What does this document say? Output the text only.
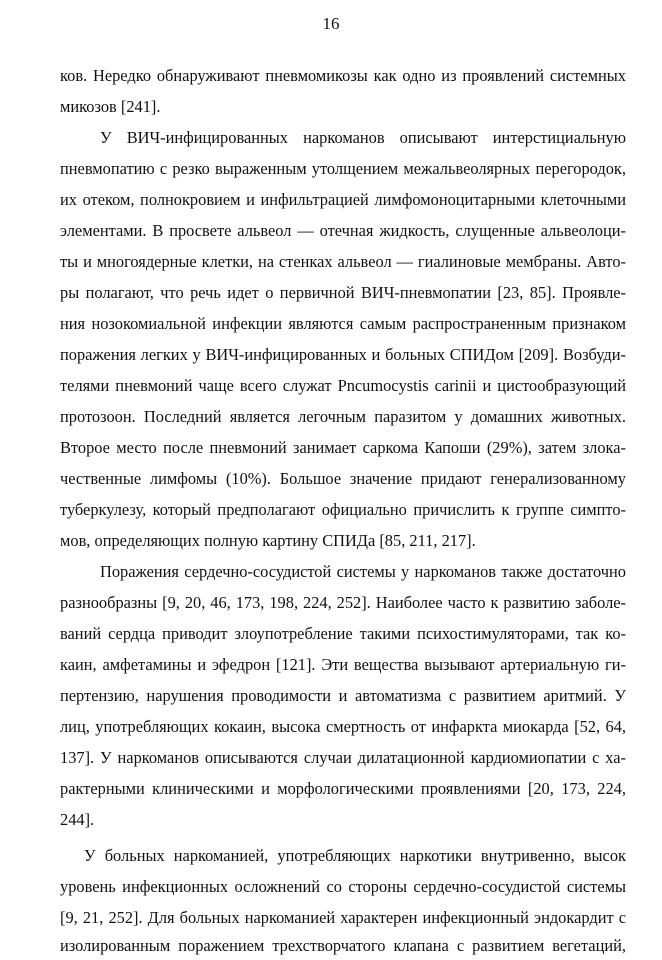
16
ков. Нередко обнаруживают пневмомикозы как одно из проявлений системных
микозов [241].
У ВИЧ-инфицированных наркоманов описывают интерстициальную
пневмопатию с резко выраженным утолщением межальвеолярных перегородок,
их отеком, полнокровием и инфильтрацией лимфомоноцитарными клеточными
элементами. В просвете альвеол — отечная жидкость, слущенные альвеолоци-
ты и многоядерные клетки, на стенках альвеол — гиалиновые мембраны. Авто-
ры полагают, что речь идет о первичной ВИЧ-пневмопатии [23, 85]. Проявле-
ния нозокомиальной инфекции являются самым распространенным признаком
поражения легких у ВИЧ-инфицированных и больных СПИДом [209]. Возбуди-
телями пневмоний чаще всего служат Pncumocystis carinii и цистообразующий
протозоон. Последний является легочным паразитом у домашних животных.
Второе место после пневмоний занимает саркома Капоши (29%), затем злока-
чественные лимфомы (10%). Большое значение придают генерализованному
туберкулезу, который предполагают официально причислить к группе симпто-
мов, определяющих полную картину СПИДа [85, 211, 217].
Поражения сердечно-сосудистой системы у наркоманов также достаточно
разнообразны [9, 20, 46, 173, 198, 224, 252]. Наиболее часто к развитию заболе-
ваний сердца приводит злоупотребление такими психостимуляторами, так ко-
каин, амфетамины и эфедрон [121]. Эти вещества вызывают артериальную ги-
пертензию, нарушения проводимости и автоматизма с развитием аритмий. У
лиц, употребляющих кокаин, высока смертность от инфаркта миокарда [52, 64,
137]. У наркоманов описываются случаи дилатационной кардиомиопатии с ха-
рактерными клиническими и морфологическими проявлениями [20, 173, 224,
244].
У больных наркоманией, употребляющих наркотики внутривенно, высок
уровень инфекционных осложнений со стороны сердечно-сосудистой системы
[9, 21, 252]. Для больных наркоманией характерен инфекционный эндокардит с
изолированным поражением трехстворчатого клапана с развитием вегетаций,
